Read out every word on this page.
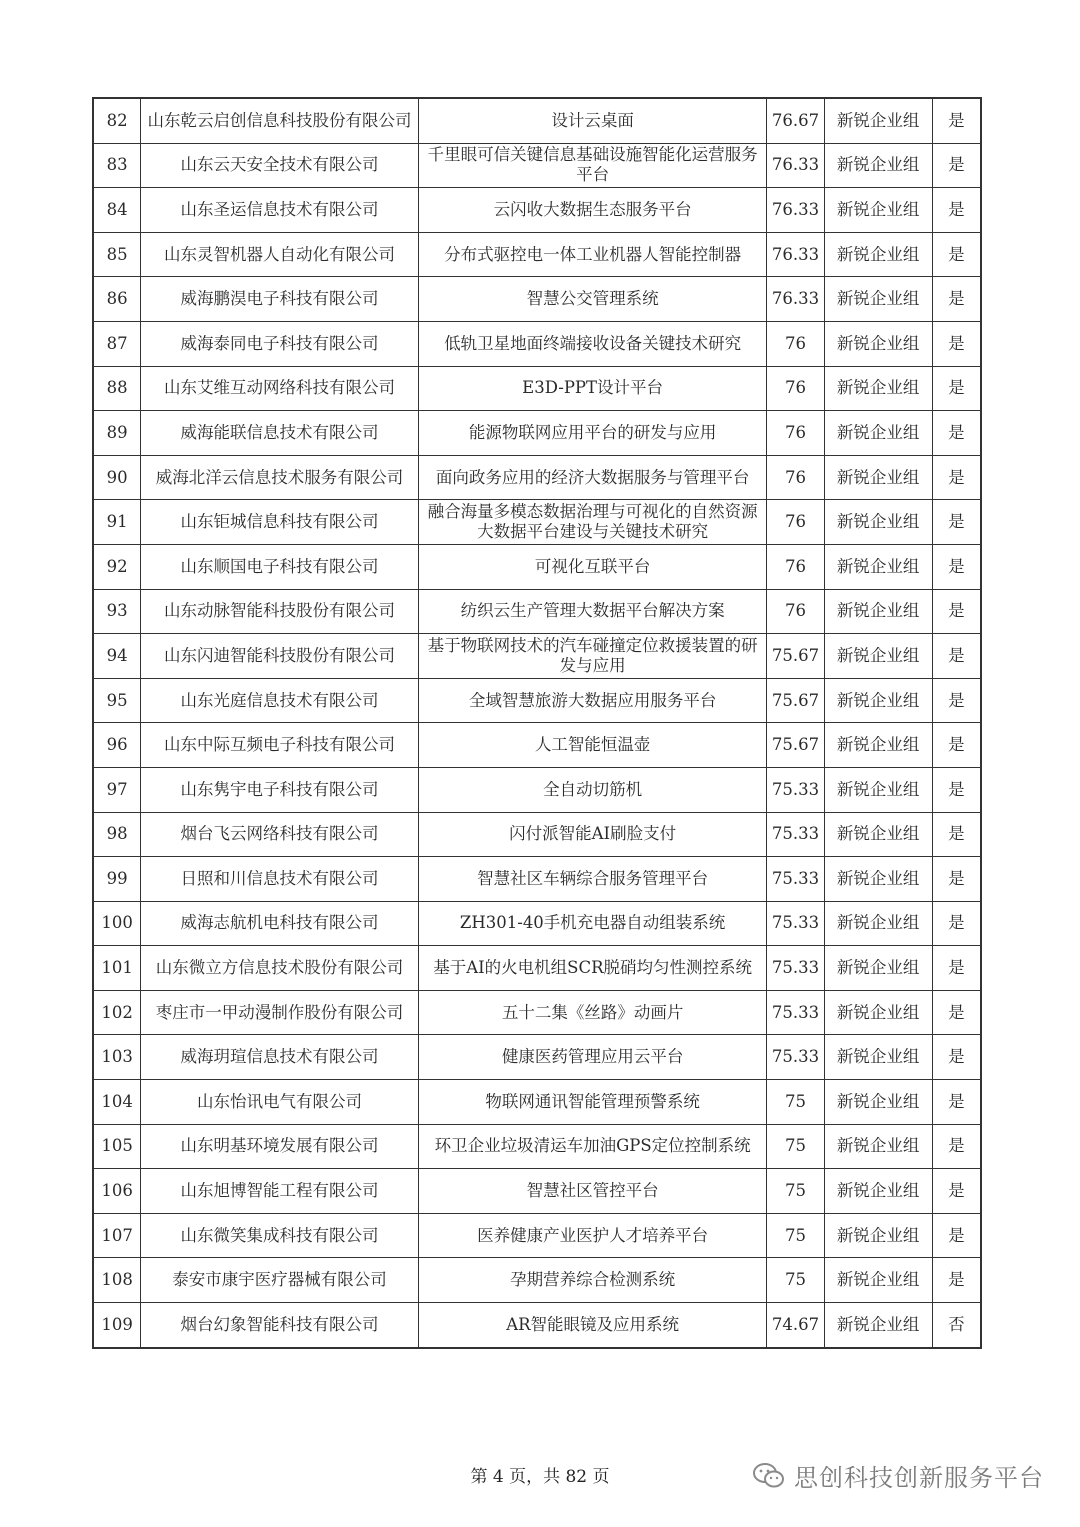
82	山东乾云启创信息科技股份有限公司	设计云桌面	76.67	新锐企业组	是
83	山东云天安全技术有限公司	千里眼可信关键信息基础设施智能化运营服务平台	76.33	新锐企业组	是
84	山东圣运信息技术有限公司	云闪收大数据生态服务平台	76.33	新锐企业组	是
85	山东灵智机器人自动化有限公司	分布式驱控电一体工业机器人智能控制器	76.33	新锐企业组	是
86	威海鹏淏电子科技有限公司	智慧公交管理系统	76.33	新锐企业组	是
87	威海泰同电子科技有限公司	低轨卫星地面终端接收设备关键技术研究	76	新锐企业组	是
88	山东艾维互动网络科技有限公司	E3D-PPT设计平台	76	新锐企业组	是
89	威海能联信息技术有限公司	能源物联网应用平台的研发与应用	76	新锐企业组	是
90	威海北洋云信息技术服务有限公司	面向政务应用的经济大数据服务与管理平台	76	新锐企业组	是
91	山东钜城信息科技有限公司	融合海量多模态数据治理与可视化的自然资源大数据平台建设与关键技术研究	76	新锐企业组	是
92	山东顺国电子科技有限公司	可视化互联平台	76	新锐企业组	是
93	山东动脉智能科技股份有限公司	纺织云生产管理大数据平台解决方案	76	新锐企业组	是
94	山东闪迪智能科技股份有限公司	基于物联网技术的汽车碰撞定位救援装置的研发与应用	75.67	新锐企业组	是
95	山东光庭信息技术有限公司	全域智慧旅游大数据应用服务平台	75.67	新锐企业组	是
96	山东中际互频电子科技有限公司	人工智能恒温壶	75.67	新锐企业组	是
97	山东隽宇电子科技有限公司	全自动切筋机	75.33	新锐企业组	是
98	烟台飞云网络科技有限公司	闪付派智能AI刷脸支付	75.33	新锐企业组	是
99	日照和川信息技术有限公司	智慧社区车辆综合服务管理平台	75.33	新锐企业组	是
100	威海志航机电科技有限公司	ZH301-40手机充电器自动组装系统	75.33	新锐企业组	是
101	山东微立方信息技术股份有限公司	基于AI的火电机组SCR脱硝均匀性测控系统	75.33	新锐企业组	是
102	枣庄市一甲动漫制作股份有限公司	五十二集《丝路》动画片	75.33	新锐企业组	是
103	威海玥瑄信息技术有限公司	健康医药管理应用云平台	75.33	新锐企业组	是
104	山东怡讯电气有限公司	物联网通讯智能管理预警系统	75	新锐企业组	是
105	山东明基环境发展有限公司	环卫企业垃圾清运车加油GPS定位控制系统	75	新锐企业组	是
106	山东旭博智能工程有限公司	智慧社区管控平台	75	新锐企业组	是
107	山东微笑集成科技有限公司	医养健康产业医护人才培养平台	75	新锐企业组	是
108	泰安市康宇医疗器械有限公司	孕期营养综合检测系统	75	新锐企业组	是
109	烟台幻象智能科技有限公司	AR智能眼镜及应用系统	74.67	新锐企业组	否
第 4 页，共 82 页	思创科技创新服务平台
